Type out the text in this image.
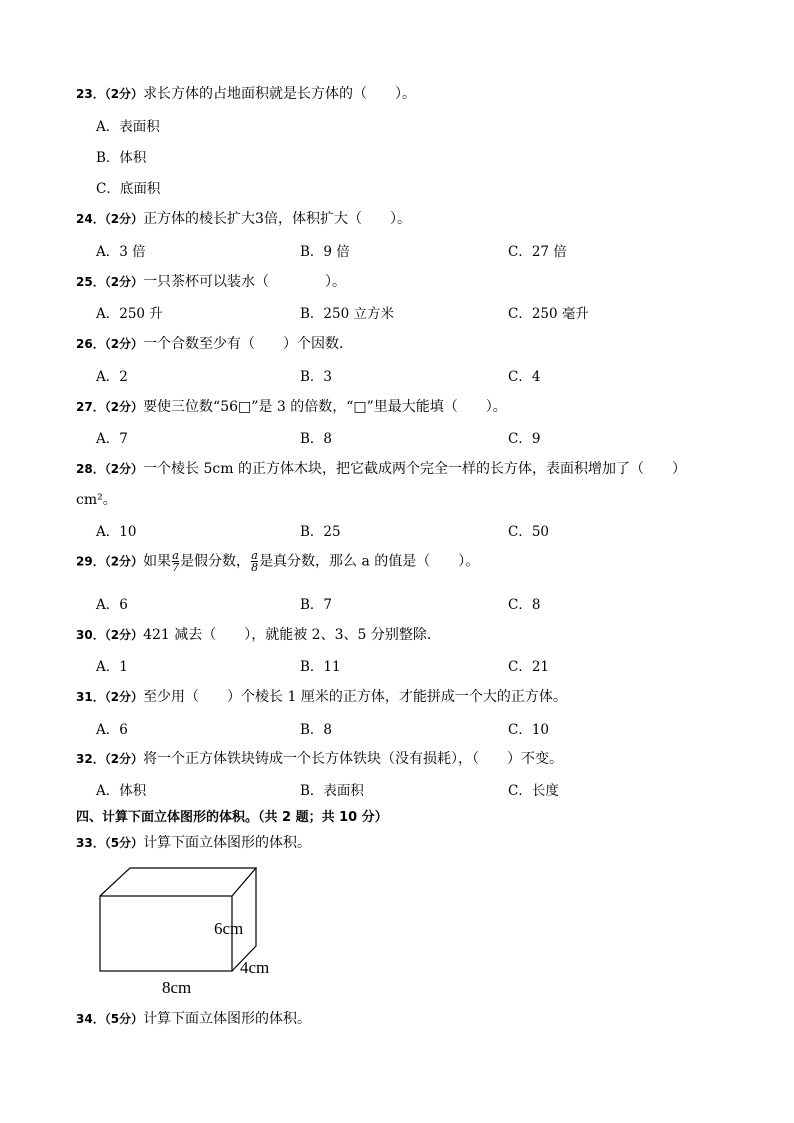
23．（2分）求长方体的占地面积就是长方体的（　　）。
A．表面积
B．体积
C．底面积
24．（2分）正方体的棱长扩大3倍，体积扩大（　　）。
A．3 倍	B．9 倍	C．27 倍
25．（2分）一只茶杯可以装水（　　　　）。
A．250 升	B．250 立方米	C．250 毫升
26．（2分）一个合数至少有（　　）个因数．
A．2	B．3	C．4
27．（2分）要使三位数“56□”是 3 的倍数，“□”里最大能填（　　）。
A．7	B．8	C．9
28．（2分）一个棱长 5cm 的正方体木块，把它截成两个完全一样的长方体，表面积增加了（　　）
cm²。
A．10	B．25	C．50
29．（2分）如果 $\frac{a}{7}$ 是假分数， $\frac{a}{8}$ 是真分数，那么 a 的值是（　　）。
A．6	B．7	C．8
30．（2分）421 减去（　　），就能被 2、3、5 分别整除．
A．1	B．11	C．21
31．（2分）至少用（　　）个棱长 1 厘米的正方体，才能拼成一个大的正方体。
A．6	B．8	C．10
32．（2分）将一个正方体铁块铸成一个长方体铁块（没有损耗），（　　）不变。
A．体积	B．表面积	C．长度
四、计算下面立体图形的体积。（共 2 题；共 10 分）
33．（5分）计算下面立体图形的体积。
6cm
4cm
8cm
34．（5分）计算下面立体图形的体积。
